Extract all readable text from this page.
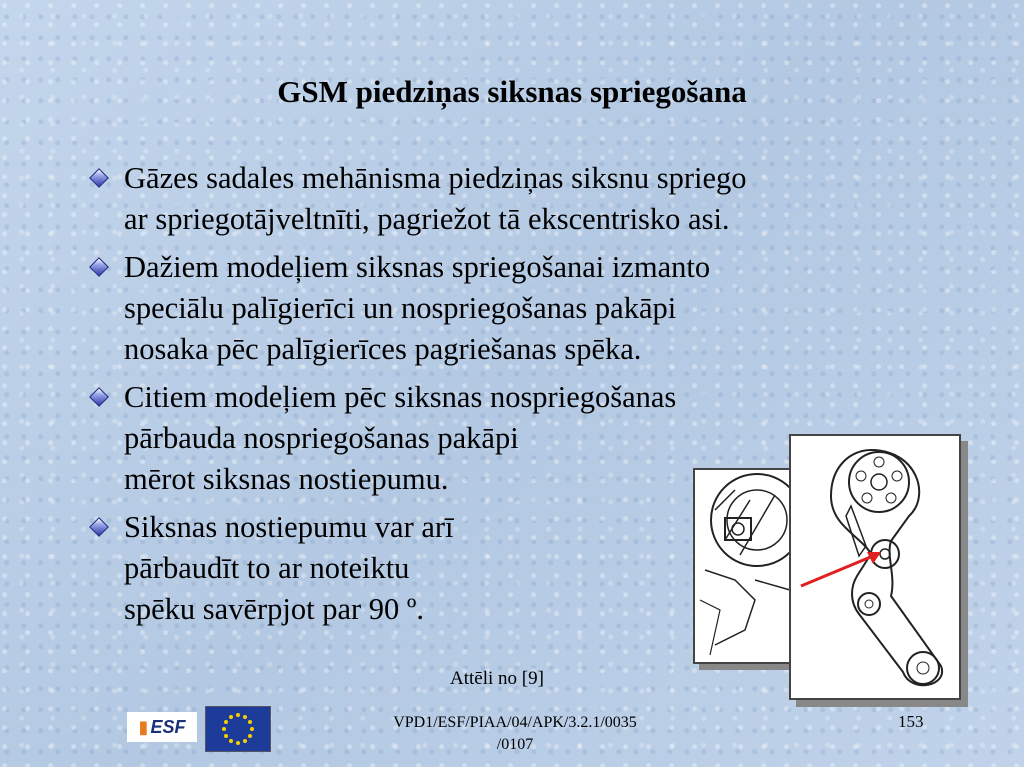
GSM piedziņas siksnas spriegošana
Gāzes sadales mehānisma piedziņas siksnu spriego
ar spriegotājveltnīti, pagriežot tā ekscentrisko asi.
Dažiem modeļiem siksnas spriegošanai izmanto
speciālu palīgierīci un nospriegošanas pakāpi
nosaka pēc palīgierīces pagriešanas spēka.
Citiem modeļiem pēc siksnas nospriegošanas
pārbauda nospriegošanas pakāpi
mērot siksnas nostiepumu.
Siksnas nostiepumu var arī
pārbaudīt to ar noteiktu
spēku savērpjot par 90 º.
Attēli no [9]
▮ ESF	VPD1/ESF/PIAA/04/APK/3.2.1/0035
/0107
153
